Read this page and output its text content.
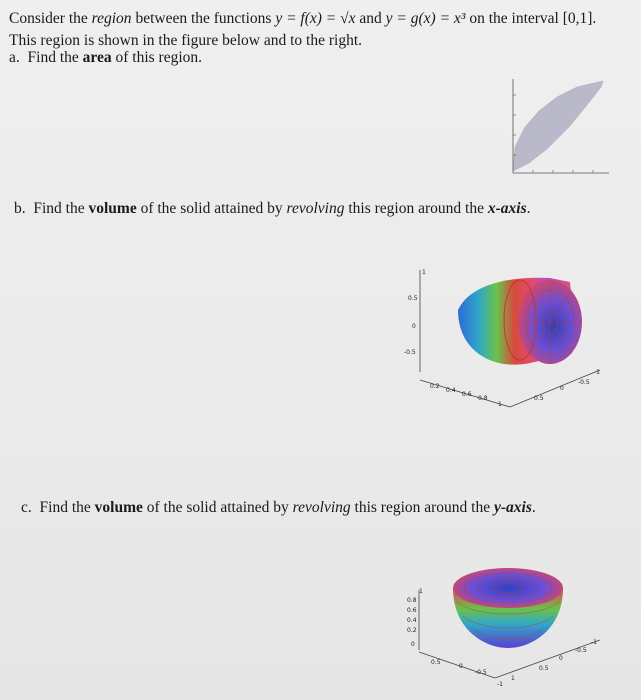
Consider the region between the functions y = f(x) = √x and y = g(x) = x³ on the interval [0,1].
This region is shown in the figure below and to the right.
a. Find the area of this region.
b. Find the volume of the solid attained by revolving this region around the x-axis.
c. Find the volume of the solid attained by revolving this region around the y-axis.
1
0.5
0
-0.5
0.2
0.4
0.6
0.8
1
0.5
0
-0.5
-1
1
0.8
0.6
0.4
0.2
0
0.5
0
-0.5
-1
1
0.5
0
-0.5
-1
